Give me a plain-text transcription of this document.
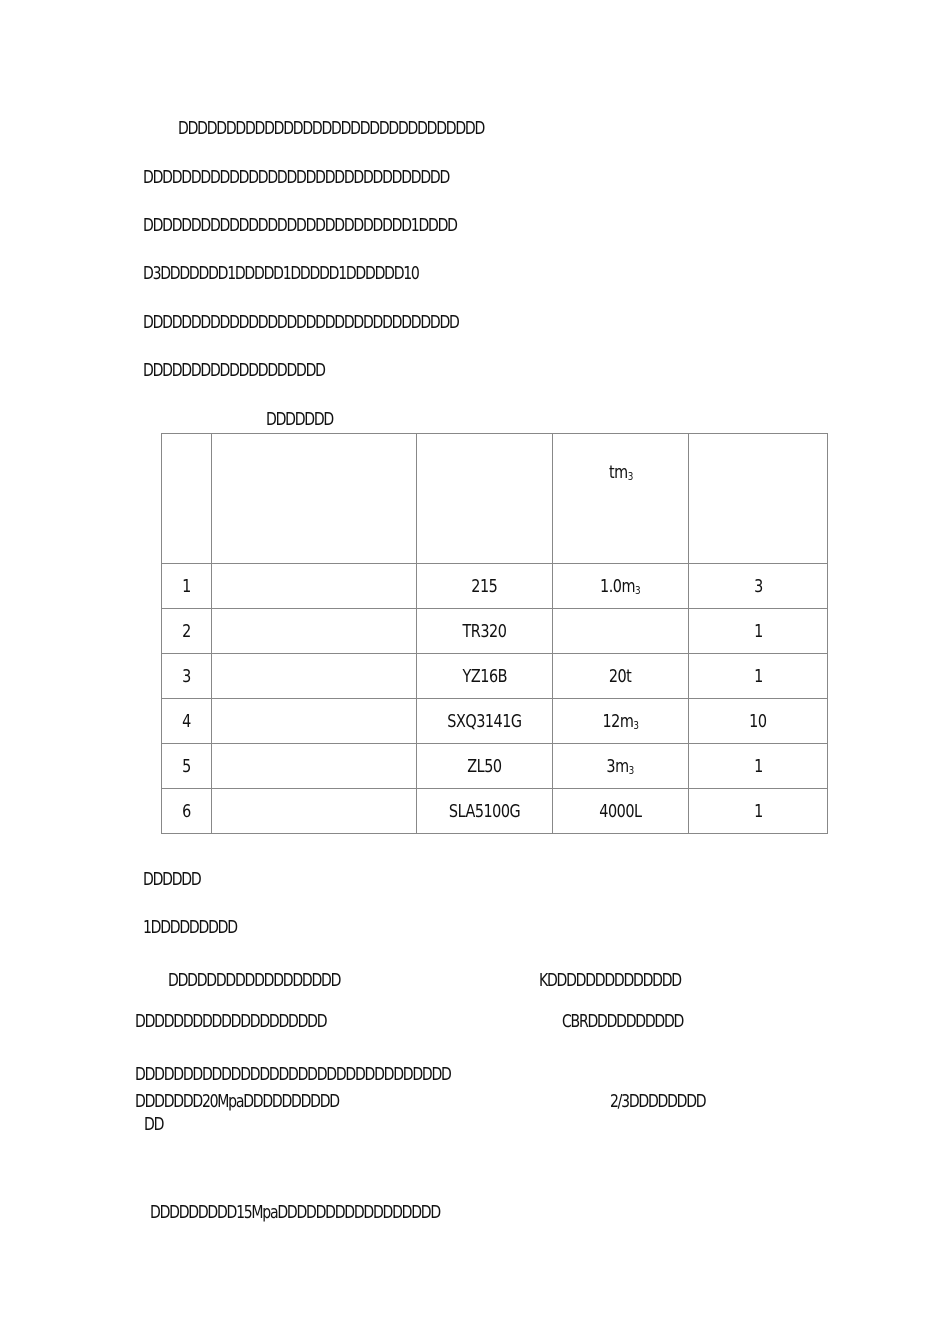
DDDDDDDDDDDDDDDDDDDDDDDDDDDDDDDD
DDDDDDDDDDDDDDDDDDDDDDDDDDDDDDDD
DDDDDDDDDDDDDDDDDDDDDDDDDDDD1DDDD
D3DDDDDDD1DDDDD1DDDDD1DDDDDD10
DDDDDDDDDDDDDDDDDDDDDDDDDDDDDDDDD
DDDDDDDDDDDDDDDDDDD
DDDDDDD
			tm3	
1		215	1.0m3	3
2		TR320		1
3		YZ16B	20t	1
4		SXQ3141G	12m3	10
5		ZL50	3m3	1
6		SLA5100G	4000L	1
DDDDDD
1DDDDDDDDD
DDDDDDDDDDDDDDDDDD	KDDDDDDDDDDDDDD
DDDDDDDDDDDDDDDDDDDD	CBRDDDDDDDDDD
DDDDDDDDDDDDDDDDDDDDDDDDDDDDDDDDD
DDDDDDD20MpaDDDDDDDDDD	2/3DDDDDDDD
DD
DDDDDDDDD15MpaDDDDDDDDDDDDDDDDD
